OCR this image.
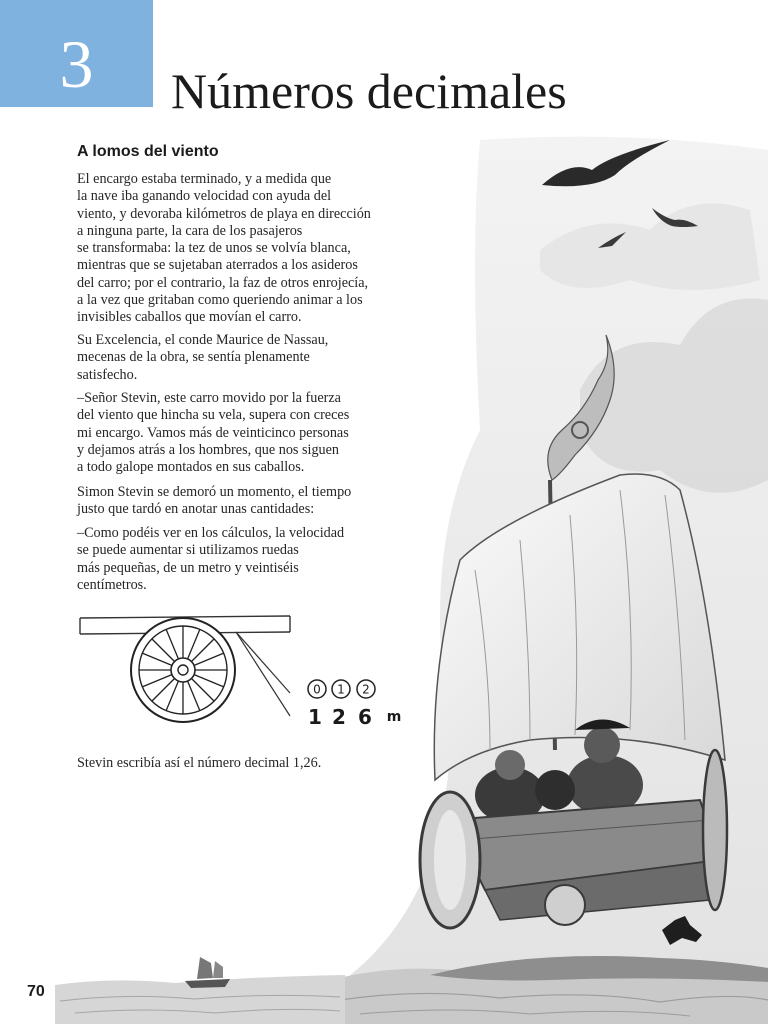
3	Números decimales
A lomos del viento

El encargo estaba terminado, y a medida que
la nave iba ganando velocidad con ayuda del
viento, y devoraba kilómetros de playa en dirección
a ninguna parte, la cara de los pasajeros
se transformaba: la tez de unos se volvía blanca,
mientras que se sujetaban aterrados a los asideros
del carro; por el contrario, la faz de otros enrojecía,
a la vez que gritaban como queriendo animar a los
invisibles caballos que movían el carro.

Su Excelencia, el conde Maurice de Nassau,
mecenas de la obra, se sentía plenamente
satisfecho.

–Señor Stevin, este carro movido por la fuerza
del viento que hincha su vela, supera con creces
mi encargo. Vamos más de veinticinco personas
y dejamos atrás a los hombres, que nos siguen
a todo galope montados en sus caballos.

Simon Stevin se demoró un momento, el tiempo
justo que tardó en anotar unas cantidades:

–Como podéis ver en los cálculos, la velocidad
se puede aumentar si utilizamos ruedas
más pequeñas, de un metro y veintiséis
centímetros.

0 1 2
1 2 6 m

Stevin escribía así el número decimal 1,26.

70
